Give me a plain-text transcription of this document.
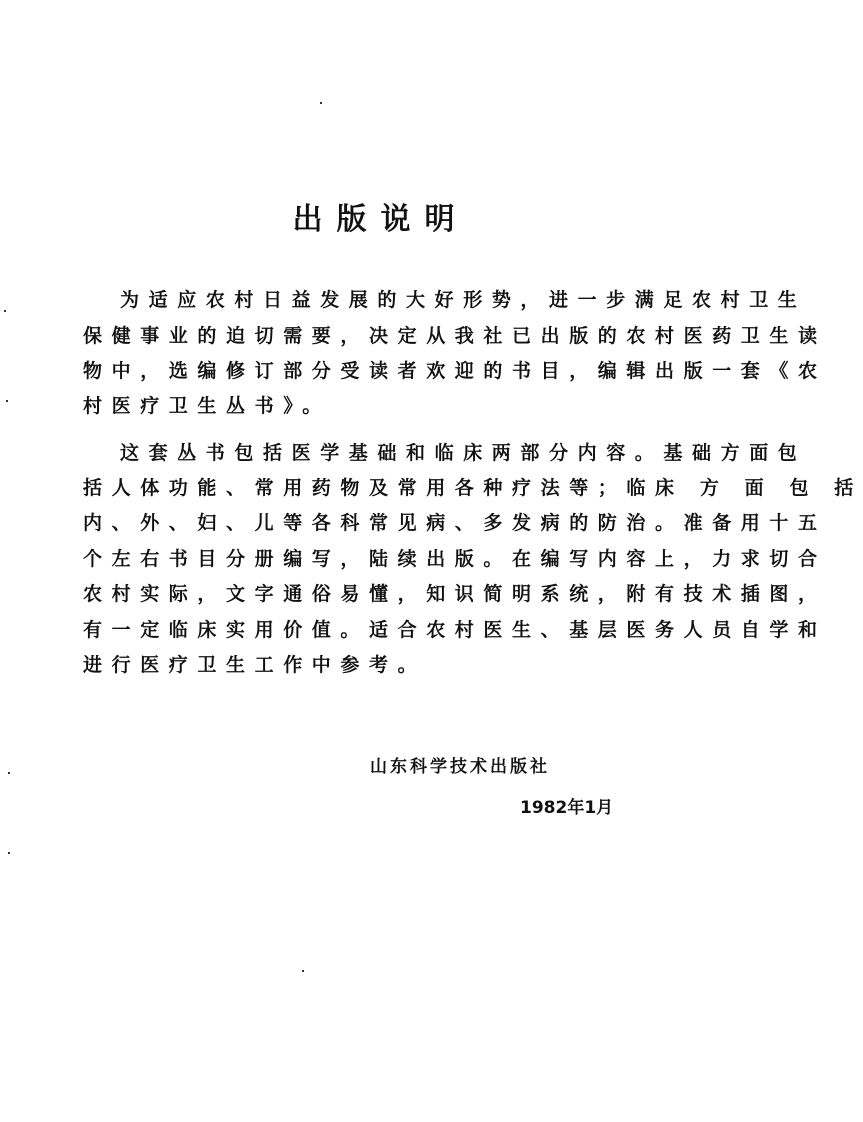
出版说明
为适应农村日益发展的大好形势，进一步满足农村卫生
保健事业的迫切需要，决定从我社已出版的农村医药卫生读
物中，选编修订部分受读者欢迎的书目，编辑出版一套《农
村医疗卫生丛书》。
这套丛书包括医学基础和临床两部分内容。基础方面包
括人体功能、常用药物及常用各种疗法等；临床 方 面 包 括
内、外、妇、儿等各科常见病、多发病的防治。准备用十五
个左右书目分册编写，陆续出版。在编写内容上，力求切合
农村实际，文字通俗易懂，知识简明系统，附有技术插图，
有一定临床实用价值。适合农村医生、基层医务人员自学和
进行医疗卫生工作中参考。
山东科学技术出版社
1982年1月
